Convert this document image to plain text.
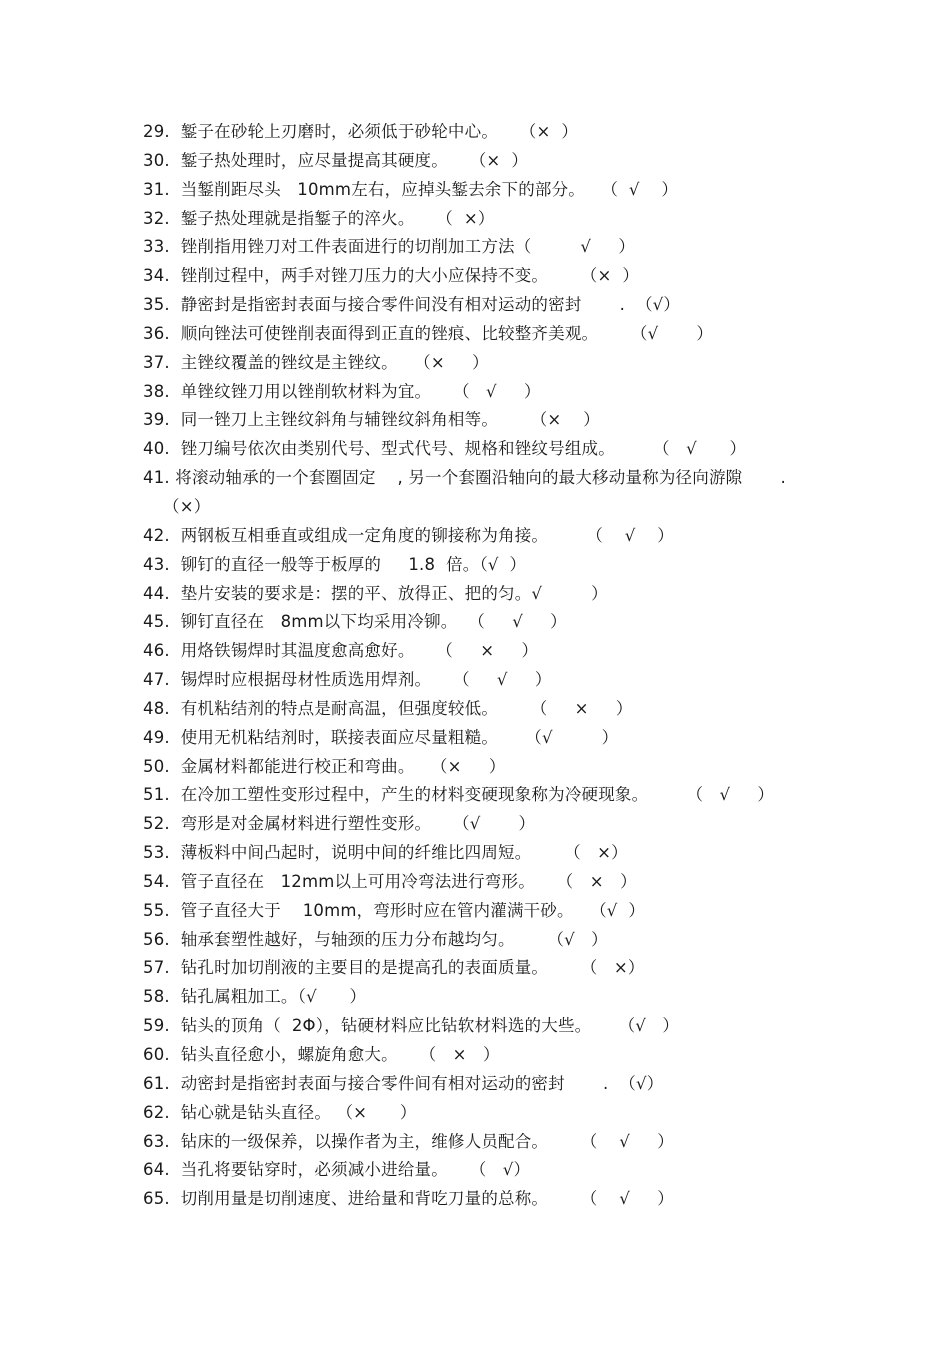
29.  錾子在砂轮上刃磨时，必须低于砂轮中心。    （×  ）
30.  錾子热处理时，应尽量提高其硬度。    （×  ）
31.  当錾削距尽头   10mm左右，应掉头錾去余下的部分。   （  √    ）
32.  錾子热处理就是指錾子的淬火。    （  ×）
33.  锉削指用锉刀对工件表面进行的切削加工方法（         √     ）
34.  锉削过程中，两手对锉刀压力的大小应保持不变。      （×  ）
35.  静密封是指密封表面与接合零件间没有相对运动的密封       .  （√）
36.  顺向锉法可使锉削表面得到正直的锉痕、比较整齐美观。      （√       ）
37.  主锉纹覆盖的锉纹是主锉纹。   （×     ）
38.  单锉纹锉刀用以锉削软材料为宜。    （   √     ）
39.  同一锉刀上主锉纹斜角与辅锉纹斜角相等。      （×    ）
40.  锉刀编号依次由类别代号、型式代号、规格和锉纹号组成。       （   √      ）
41. 将滚动轴承的一个套圈固定    , 另一个套圈沿轴向的最大移动量称为径向游隙       .
（×）
42.  两钢板互相垂直或组成一定角度的铆接称为角接。       （    √    ）
43.  铆钉的直径一般等于板厚的     1.8  倍。（√  ）
44.  垫片安装的要求是：摆的平、放得正、把的匀。√         ）
45.  铆钉直径在   8mm以下均采用冷铆。  （     √     ）
46.  用烙铁锡焊时其温度愈高愈好。    （     ×     ）
47.  锡焊时应根据母材性质选用焊剂。    （     √     ）
48.  有机粘结剂的特点是耐高温，但强度较低。      （     ×     ）
49.  使用无机粘结剂时，联接表面应尽量粗糙。     （√         ）
50.  金属材料都能进行校正和弯曲。   （×     ）
51.  在冷加工塑性变形过程中，产生的材料变硬现象称为冷硬现象。       （   √     ）
52.  弯形是对金属材料进行塑性变形。    （√       ）
53.  薄板料中间凸起时，说明中间的纤维比四周短。      （   ×）
54.  管子直径在   12mm以上可用冷弯法进行弯形。    （   ×   ）
55.  管子直径大于    10mm，弯形时应在管内灌满干砂。   （√  ）
56.  轴承套塑性越好，与轴颈的压力分布越均匀。      （√   ）
57.  钻孔时加切削液的主要目的是提高孔的表面质量。      （   ×）
58.  钻孔属粗加工。（√      ）
59.  钻头的顶角（  2Φ），钻硬材料应比钻软材料选的大些。     （√   ）
60.  钻头直径愈小，螺旋角愈大。    （   ×   ）
61.  动密封是指密封表面与接合零件间有相对运动的密封       .  （√）
62.  钻心就是钻头直径。 （×      ）
63.  钻床的一级保养，以操作者为主，维修人员配合。      （    √     ）
64.  当孔将要钻穿时，必须减小进给量。    （   √）
65.  切削用量是切削速度、进给量和背吃刀量的总称。      （    √     ）
